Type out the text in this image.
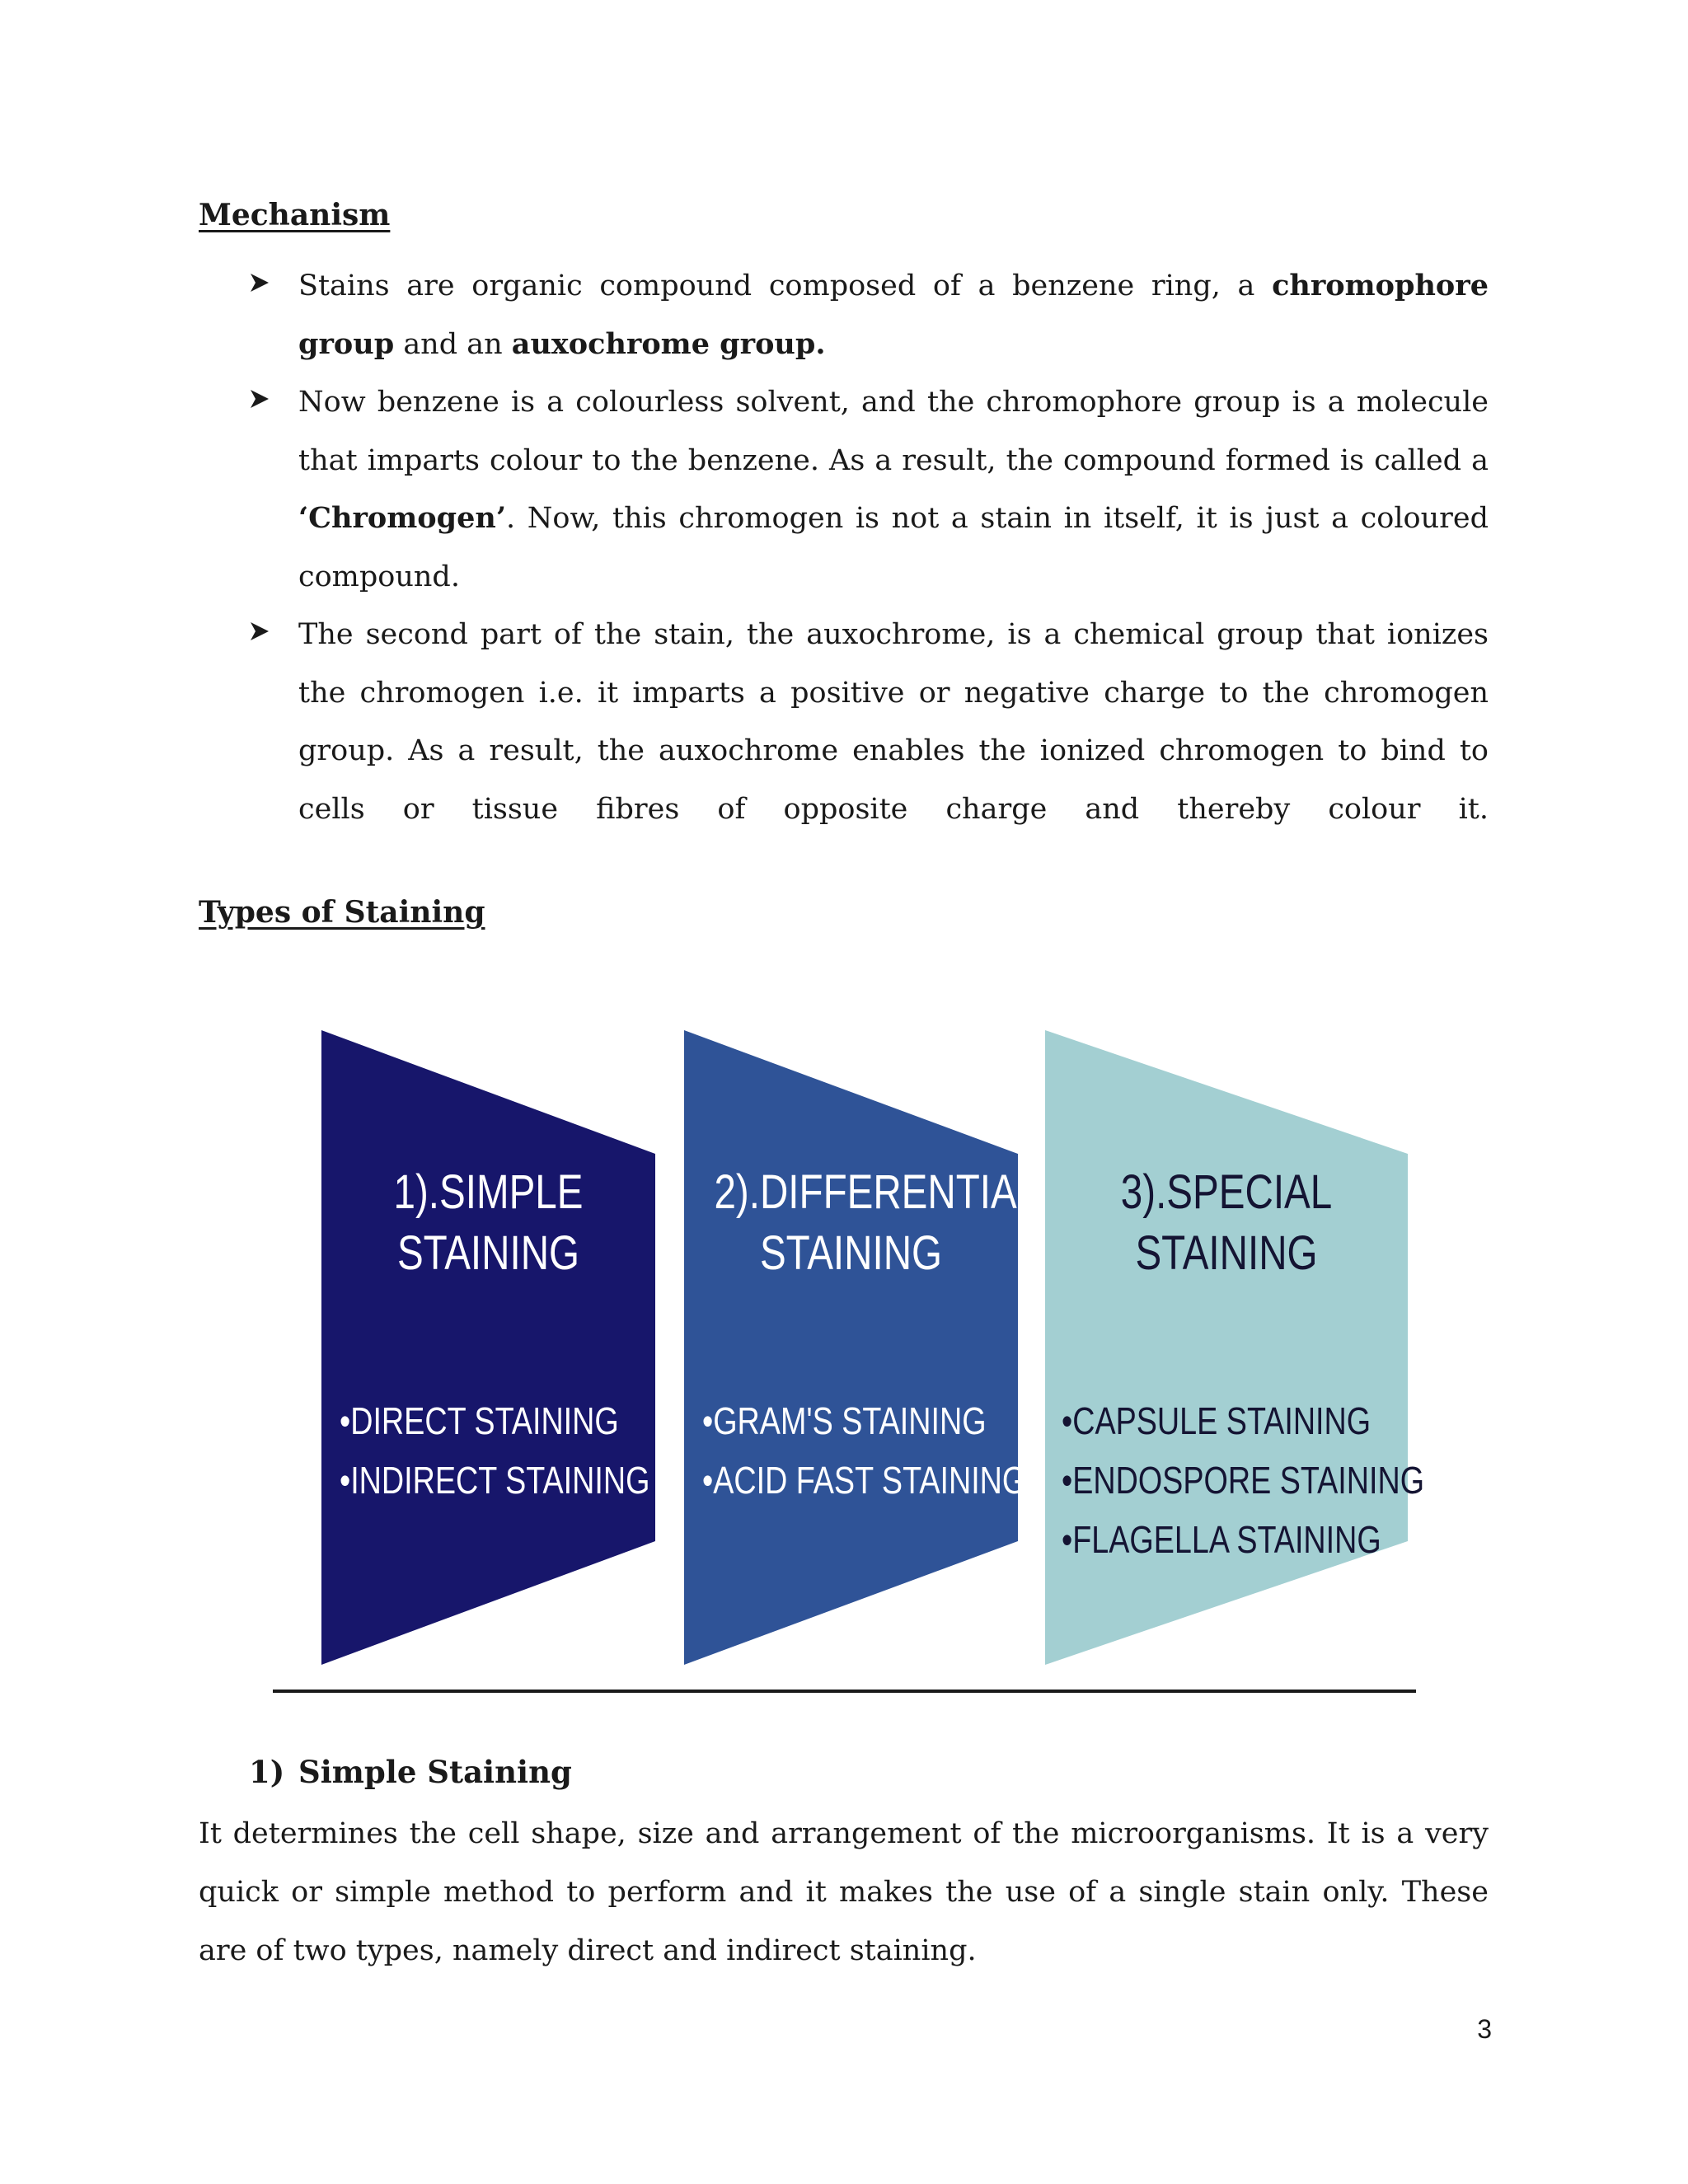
Mechanism

Stains are organic compound composed of a benzene ring, a chromophore group and an auxochrome group.

Now benzene is a colourless solvent, and the chromophore group is a molecule that imparts colour to the benzene. As a result, the compound formed is called a ‘Chromogen’. Now, this chromogen is not a stain in itself, it is just a coloured compound.

The second part of the stain, the auxochrome, is a chemical group that ionizes the chromogen i.e. it imparts a positive or negative charge to the chromogen group. As a result, the auxochrome enables the ionized chromogen to bind to cells or tissue fibres of opposite charge and thereby colour it.

Types of Staining
1).SIMPLE
STAINING
•DIRECT STAINING
•INDIRECT STAINING
2).DIFFERENTIAL
STAINING
•GRAM'S STAINING
•ACID FAST STAINING
3).SPECIAL
STAINING
•CAPSULE STAINING
•ENDOSPORE STAINING
•FLAGELLA STAINING
1) Simple Staining

It determines the cell shape, size and arrangement of the microorganisms. It is a very quick or simple method to perform and it makes the use of a single stain only. These are of two types, namely direct and indirect staining.

3
